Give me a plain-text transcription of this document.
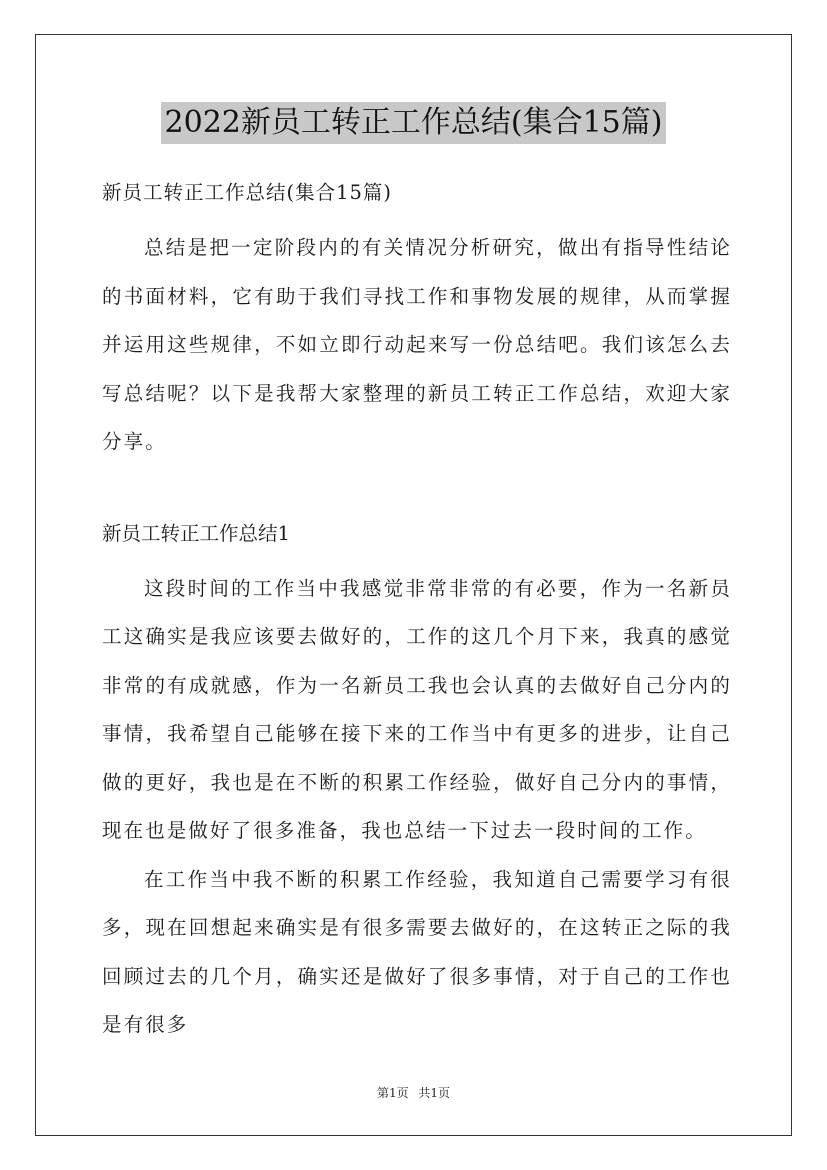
2022新员工转正工作总结(集合15篇)
新员工转正工作总结(集合15篇)

总结是把一定阶段内的有关情况分析研究，做出有指导性结论的书面材料，它有助于我们寻找工作和事物发展的规律，从而掌握并运用这些规律，不如立即行动起来写一份总结吧。我们该怎么去写总结呢？以下是我帮大家整理的新员工转正工作总结，欢迎大家分享。

新员工转正工作总结1

这段时间的工作当中我感觉非常非常的有必要，作为一名新员工这确实是我应该要去做好的，工作的这几个月下来，我真的感觉非常的有成就感，作为一名新员工我也会认真的去做好自己分内的事情，我希望自己能够在接下来的工作当中有更多的进步，让自己做的更好，我也是在不断的积累工作经验，做好自己分内的事情，现在也是做好了很多准备，我也总结一下过去一段时间的工作。

在工作当中我不断的积累工作经验，我知道自己需要学习有很多，现在回想起来确实是有很多需要去做好的，在这转正之际的我回顾过去的几个月，确实还是做好了很多事情，对于自己的工作也是有很多

第1页 共1页
